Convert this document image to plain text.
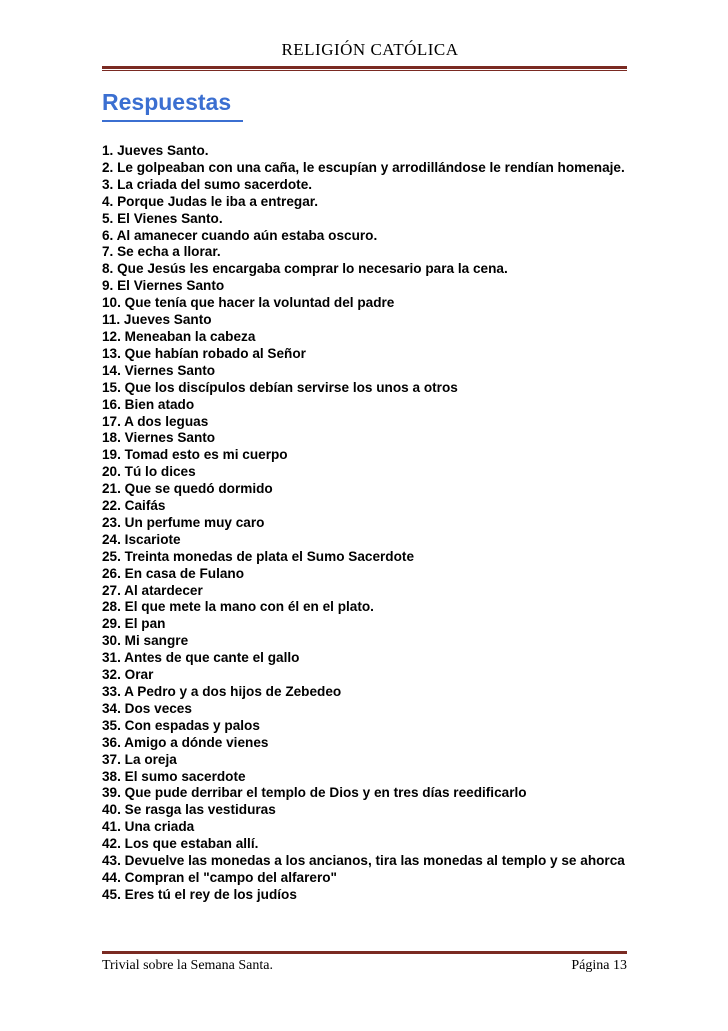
RELIGIÓN CATÓLICA
Respuestas
1. Jueves Santo.
2. Le golpeaban con una caña, le escupían y arrodillándose le rendían homenaje.
3. La criada del sumo sacerdote.
4. Porque Judas le iba a entregar.
5. El Vienes Santo.
6. Al amanecer cuando aún estaba oscuro.
7. Se echa a llorar.
8. Que Jesús les encargaba comprar lo necesario para la cena.
9. El Viernes Santo
10. Que tenía que hacer la voluntad del padre
11. Jueves Santo
12. Meneaban la cabeza
13. Que habían robado al Señor
14. Viernes Santo
15. Que los discípulos debían servirse los unos a otros
16. Bien atado
17. A dos leguas
18. Viernes Santo
19. Tomad esto es mi cuerpo
20. Tú lo dices
21. Que se quedó dormido
22. Caifás
23. Un perfume muy caro
24. Iscariote
25. Treinta monedas de plata el Sumo Sacerdote
26. En casa de Fulano
27. Al atardecer
28. El que mete la mano con él en el plato.
29. El pan
30. Mi sangre
31. Antes de que cante el gallo
32. Orar
33. A Pedro y a dos hijos de Zebedeo
34. Dos veces
35. Con espadas y palos
36. Amigo a dónde vienes
37. La oreja
38. El sumo sacerdote
39. Que pude derribar el templo de Dios y en tres días reedificarlo
40. Se rasga las vestiduras
41. Una criada
42. Los que estaban allí.
43. Devuelve las monedas a los ancianos, tira las monedas al templo y se ahorca
44. Compran el "campo del alfarero"
45. Eres tú el rey de los judíos
Trivial sobre la Semana Santa.	Página 13
